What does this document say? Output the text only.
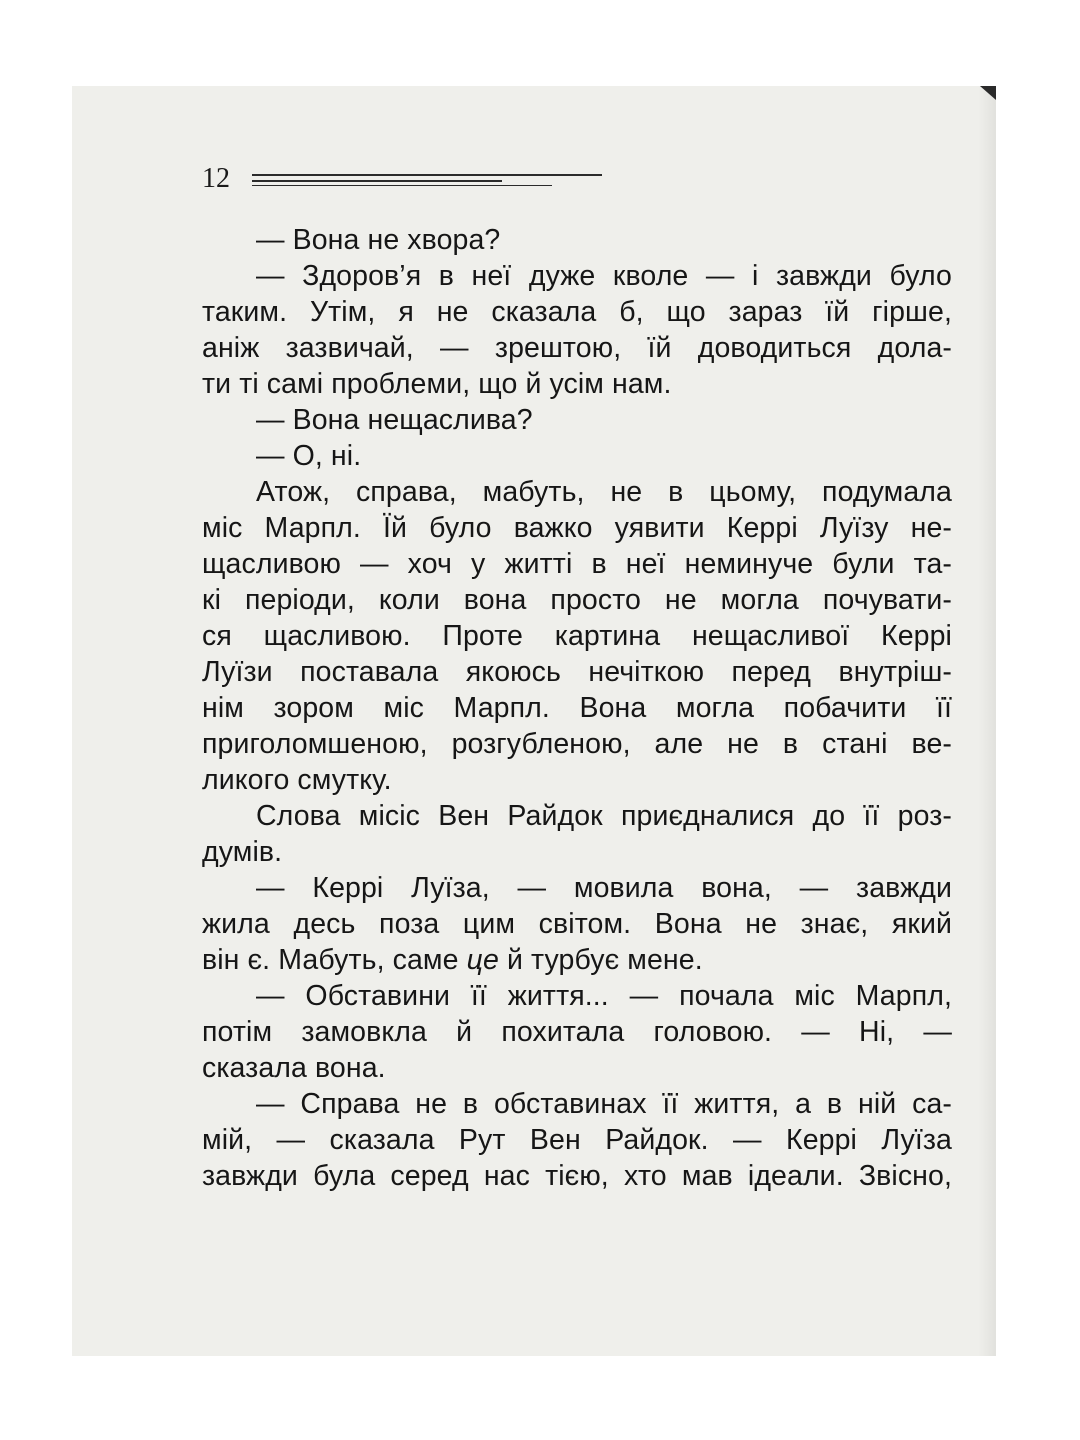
12
— Вона не хвора?
— Здоров’я в неї дуже кволе — і завжди було
таким. Утім, я не сказала б, що зараз їй гірше,
аніж зазвичай, — зрештою, їй доводиться дола-
ти ті самі проблеми, що й усім нам.
— Вона нещаслива?
— О, ні.
Атож, справа, мабуть, не в цьому, подумала
міс Марпл. Їй було важко уявити Керрі Луїзу не-
щасливою — хоч у житті в неї неминуче були та-
кі періоди, коли вона просто не могла почувати-
ся щасливою. Проте картина нещасливої Керрі
Луїзи поставала якоюсь нечіткою перед внутріш-
нім зором міс Марпл. Вона могла побачити її
приголомшеною, розгубленою, але не в стані ве-
ликого смутку.
Слова місіс Вен Райдок приєдналися до її роз-
думів.
— Керрі Луїза, — мовила вона, — завжди
жила десь поза цим світом. Вона не знає, який
він є. Мабуть, саме це й турбує мене.
— Обставини її життя... — почала міс Марпл,
потім замовкла й похитала головою. — Ні, —
сказала вона.
— Справа не в обставинах її життя, а в ній са-
мій, — сказала Рут Вен Райдок. — Керрі Луїза
завжди була серед нас тією, хто мав ідеали. Звісно,
